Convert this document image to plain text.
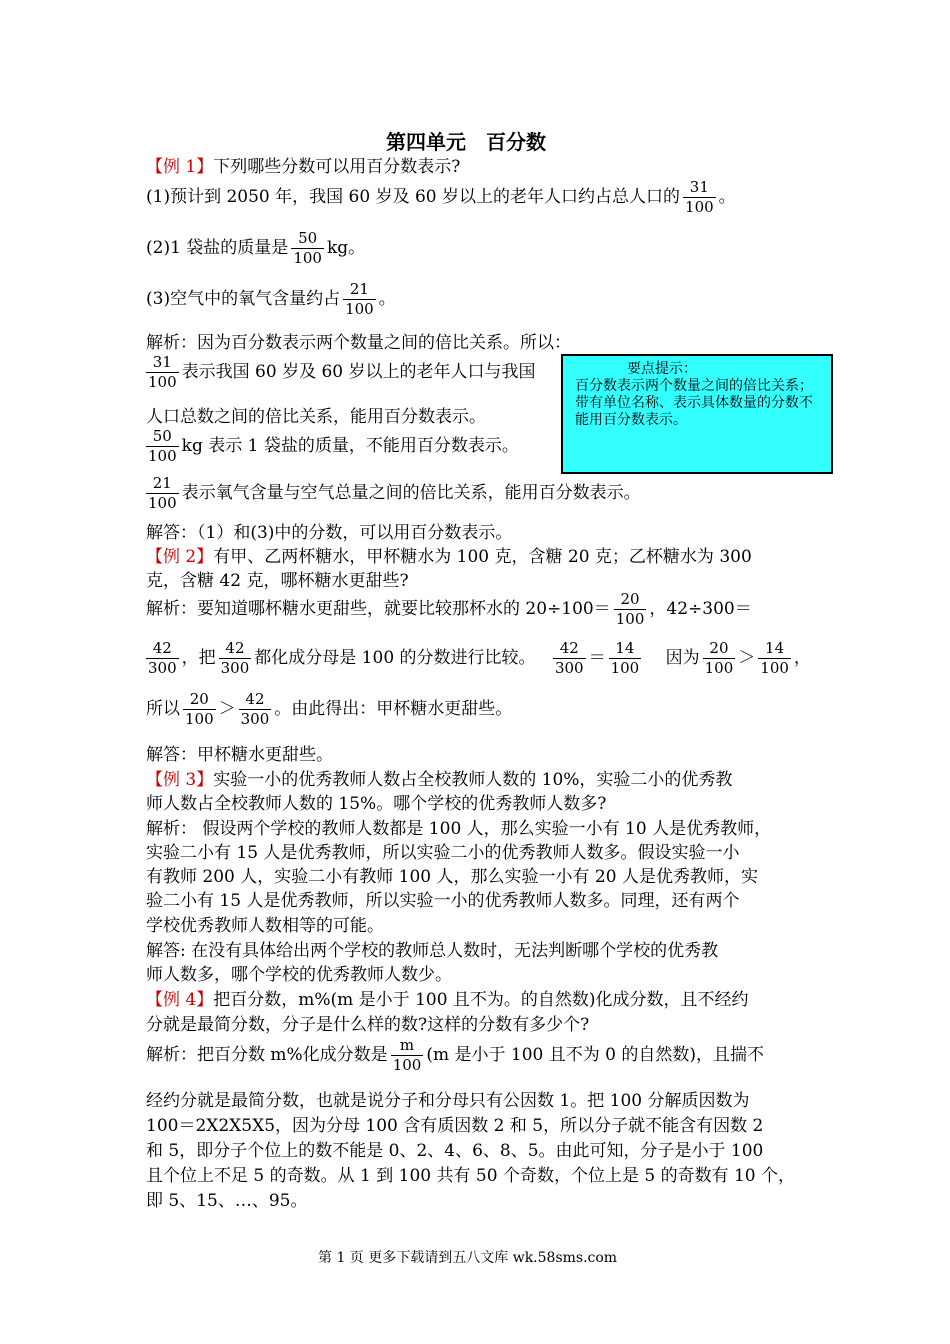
第四单元　百分数
【例 1】下列哪些分数可以用百分数表示?
(1)预计到 2050 年，我国 60 岁及 60 岁以上的老年人口约占总人口的 $\frac{31}{100}$ 。
(2)1 袋盐的质量是 $\frac{50}{100}$ kg。
(3)空气中的氧气含量约占 $\frac{21}{100}$ 。
解析：因为百分数表示两个数量之间的倍比关系。所以：
$\frac{31}{100}$ 表示我国 60 岁及 60 岁以上的老年人口与我国
人口总数之间的倍比关系，能用百分数表示。
$\frac{50}{100}$ kg 表示 1 袋盐的质量，不能用百分数表示。
$\frac{21}{100}$ 表示氧气含量与空气总量之间的倍比关系，能用百分数表示。
解答：（1）和(3)中的分数，可以用百分数表示。
要点提示：
百分数表示两个数量之间的倍比关系；带有单位名称、表示具体数量的分数不能用百分数表示。
【例 2】有甲、乙两杯糖水，甲杯糖水为 100 克，含糖 20 克；乙杯糖水为 300
克，含糖 42 克，哪杯糖水更甜些?
解析：要知道哪杯糖水更甜些，就要比较那杯水的 $20\div 100= \frac{20}{100}$ ，42÷300＝
$\frac{42}{300}$ ，把 $\frac{42}{300}$ 都化成分母是 100 的分数进行比较。 $\frac{42}{300} = \frac{14}{100}$ 因为 $\frac{20}{100} > \frac{14}{100}$ ，
所以 $\frac{20}{100} > \frac{42}{300}$ 。由此得出：甲杯糖水更甜些。
解答：甲杯糖水更甜些。
【例 3】实验一小的优秀教师人数占全校教师人数的 10%，实验二小的优秀教
师人数占全校教师人数的 15%。哪个学校的优秀教师人数多?
解析： 假设两个学校的教师人数都是 100 人，那么实验一小有 10 人是优秀教师，
实验二小有 15 人是优秀教师，所以实验二小的优秀教师人数多。假设实验一小
有教师 200 人，实验二小有教师 100 人，那么实验一小有 20 人是优秀教师，实
验二小有 15 人是优秀教师，所以实验一小的优秀教师人数多。同理，还有两个
学校优秀教师人数相等的可能。
解答: 在没有具体给出两个学校的教师总人数时，无法判断哪个学校的优秀教
师人数多，哪个学校的优秀教师人数少。
【例 4】把百分数，m%(m 是小于 100 且不为。的自然数)化成分数，且不经约
分就是最简分数，分子是什么样的数?这样的分数有多少个?
解析：把百分数 m%化成分数是 $\frac{m}{100} (m$ 是小于 100 且不为 0 的自然数)，且揣不
经约分就是最简分数，也就是说分子和分母只有公因数 1。把 100 分解质因数为
100＝2X2X5X5，因为分母 100 含有质因数 2 和 5，所以分子就不能含有因数 2
和 5，即分子个位上的数不能是 0、2、4、6、8、5。由此可知，分子是小于 100
且个位上不足 5 的奇数。从 1 到 100 共有 50 个奇数，个位上是 5 的奇数有 10 个，
即 5、15、…、95。
第 1 页 更多下载请到五八文库 wk.58sms.com
